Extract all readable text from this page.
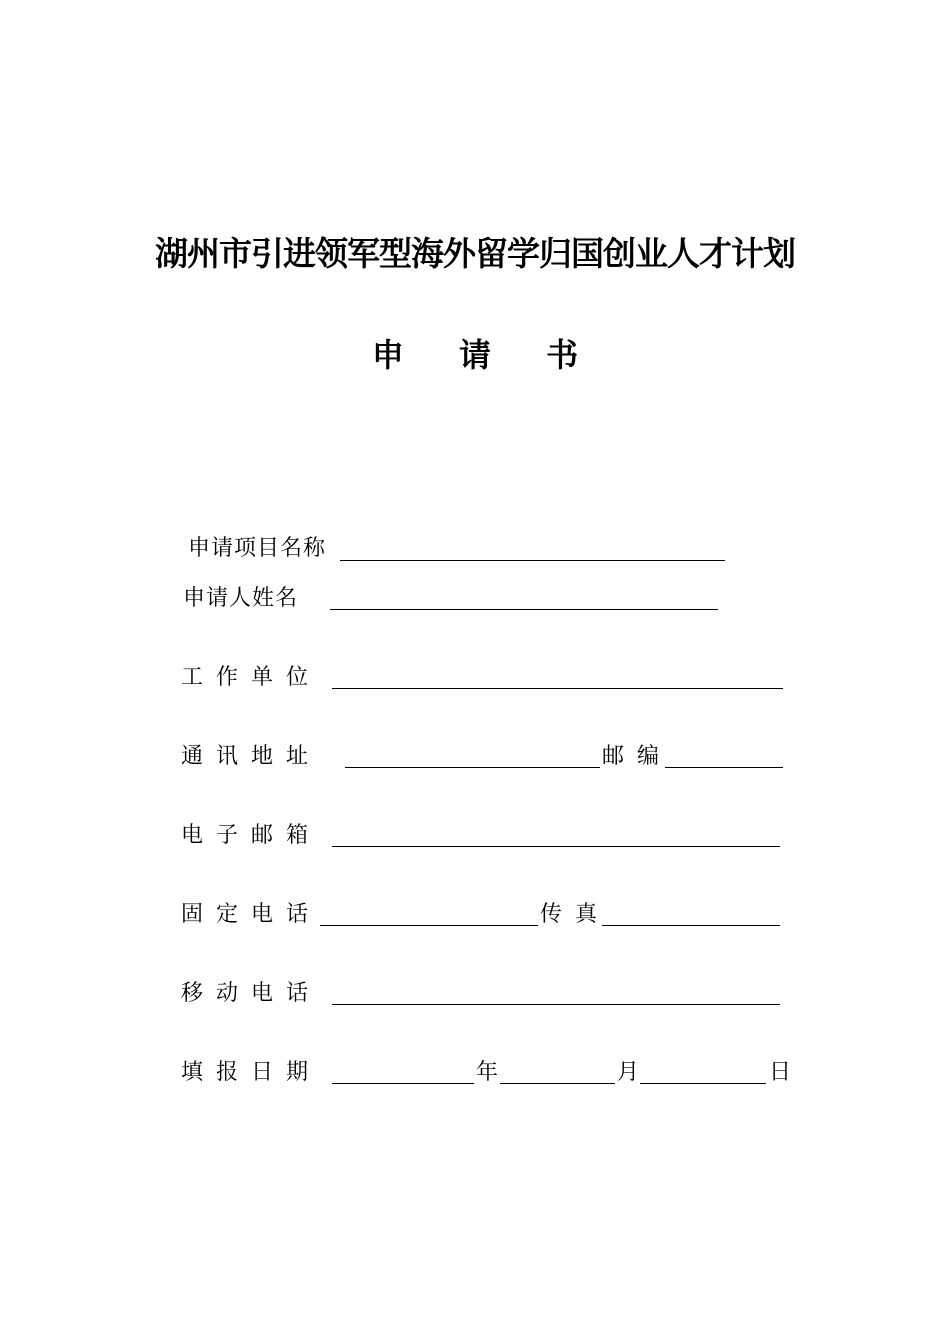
湖州市引进领军型海外留学归国创业人才计划
申 请 书
申请项目名称
申请人姓名
工 作 单 位
通 讯 地 址	邮 编
电 子 邮 箱
固 定 电 话	传 真
移 动 电 话
填 报 日 期	年	月	日
